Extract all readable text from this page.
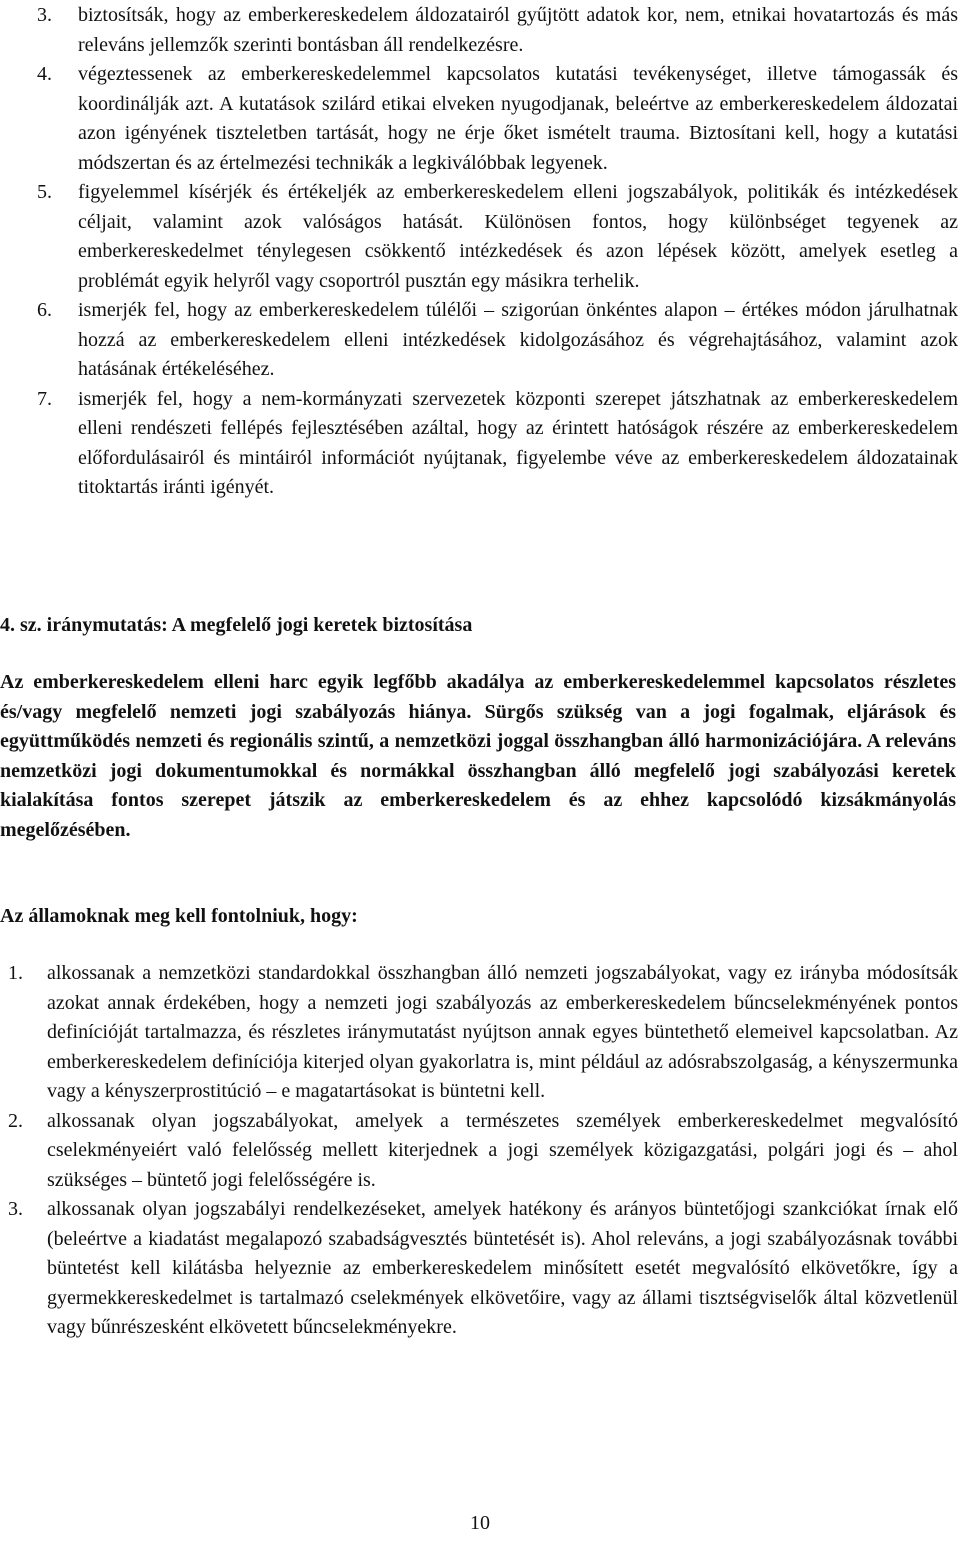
3. biztosítsák, hogy az emberkereskedelem áldozatairól gyűjtött adatok kor, nem, etnikai hovatartozás és más releváns jellemzők szerinti bontásban áll rendelkezésre.
4. végeztessenek az emberkereskedelemmel kapcsolatos kutatási tevékenységet, illetve támogassák és koordinálják azt. A kutatások szilárd etikai elveken nyugodjanak, beleértve az emberkereskedelem áldozatai azon igényének tiszteletben tartását, hogy ne érje őket ismételt trauma. Biztosítani kell, hogy a kutatási módszertan és az értelmezési technikák a legkiválóbbak legyenek.
5. figyelemmel kísérjék és értékeljék az emberkereskedelem elleni jogszabályok, politikák és intézkedések céljait, valamint azok valóságos hatását. Különösen fontos, hogy különbséget tegyenek az emberkereskedelmet ténylegesen csökkentő intézkedések és azon lépések között, amelyek esetleg a problémát egyik helyről vagy csoportról pusztán egy másikra terhelik.
6. ismerjék fel, hogy az emberkereskedelem túlélői – szigorúan önkéntes alapon – értékes módon járulhatnak hozzá az emberkereskedelem elleni intézkedések kidolgozásához és végrehajtásához, valamint azok hatásának értékeléséhez.
7. ismerjék fel, hogy a nem-kormányzati szervezetek központi szerepet játszhatnak az emberkereskedelem elleni rendészeti fellépés fejlesztésében azáltal, hogy az érintett hatóságok részére az emberkereskedelem előfordulásairól és mintáiról információt nyújtanak, figyelembe véve az emberkereskedelem áldozatainak titoktartás iránti igényét.
4. sz. iránymutatás: A megfelelő jogi keretek biztosítása
Az emberkereskedelem elleni harc egyik legfőbb akadálya az emberkereskedelemmel kapcsolatos részletes és/vagy megfelelő nemzeti jogi szabályozás hiánya. Sürgős szükség van a jogi fogalmak, eljárások és együttműködés nemzeti és regionális szintű, a nemzetközi joggal összhangban álló harmonizációjára. A releváns nemzetközi jogi dokumentumokkal és normákkal összhangban álló megfelelő jogi szabályozási keretek kialakítása fontos szerepet játszik az emberkereskedelem és az ehhez kapcsolódó kizsákmányolás megelőzésében.
Az államoknak meg kell fontolniuk, hogy:
1. alkossanak a nemzetközi standardokkal összhangban álló nemzeti jogszabályokat, vagy ez irányba módosítsák azokat annak érdekében, hogy a nemzeti jogi szabályozás az emberkereskedelem bűncselekményének pontos definícióját tartalmazza, és részletes iránymutatást nyújtson annak egyes büntethető elemeivel kapcsolatban. Az emberkereskedelem definíciója kiterjed olyan gyakorlatra is, mint például az adósrabszolgaság, a kényszermunka vagy a kényszerprostitúció – e magatartásokat is büntetni kell.
2. alkossanak olyan jogszabályokat, amelyek a természetes személyek emberkereskedelmet megvalósító cselekményeiért való felelősség mellett kiterjednek a jogi személyek közigazgatási, polgári jogi és – ahol szükséges – büntető jogi felelősségére is.
3. alkossanak olyan jogszabályi rendelkezéseket, amelyek hatékony és arányos büntetőjogi szankciókat írnak elő (beleértve a kiadatást megalapozó szabadságvesztés büntetését is). Ahol releváns, a jogi szabályozásnak további büntetést kell kilátásba helyeznie az emberkereskedelem minősített esetét megvalósító elkövetőkre, így a gyermekkereskedelmet is tartalmazó cselekmények elkövetőire, vagy az állami tisztségviselők által közvetlenül vagy bűnrészesként elkövetett bűncselekményekre.
10
